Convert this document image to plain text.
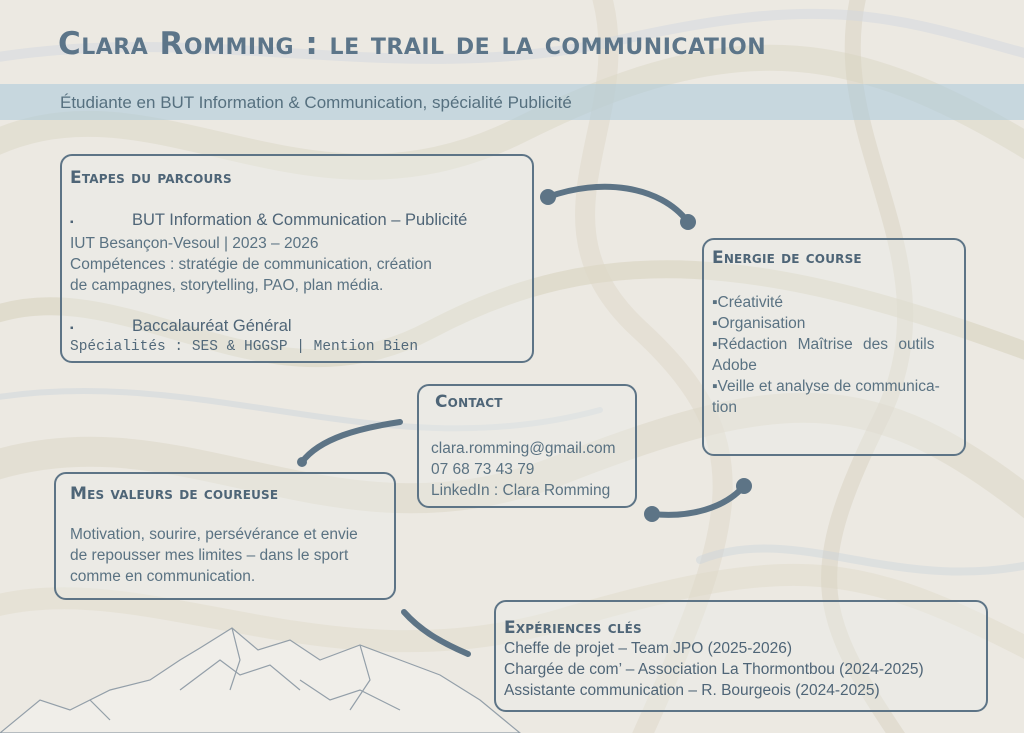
Clara Romming : le trail de la communication
Étudiante en BUT Information & Communication, spécialité Publicité
Etapes du parcours
▪	BUT Information & Communication – Publicité
IUT Besançon-Vesoul | 2023 – 2026
Compétences : stratégie de communication, création
de campagnes, storytelling, PAO, plan média.
▪	Baccalauréat Général
Spécialités : SES & HGGSP | Mention Bien
Energie de course
▪Créativité
▪Organisation
▪Rédaction Maîtrise des outils
Adobe
▪Veille et analyse de communica-
tion
Contact
clara.romming@gmail.com
07 68 73 43 79
LinkedIn : Clara Romming
Mes valeurs de coureuse
Motivation, sourire, persévérance et envie
de repousser mes limites – dans le sport
comme en communication.
Expériences clés
Cheffe de projet – Team JPO (2025-2026)
Chargée de com’ – Association La Thormontbou (2024-2025)
Assistante communication – R. Bourgeois (2024-2025)
